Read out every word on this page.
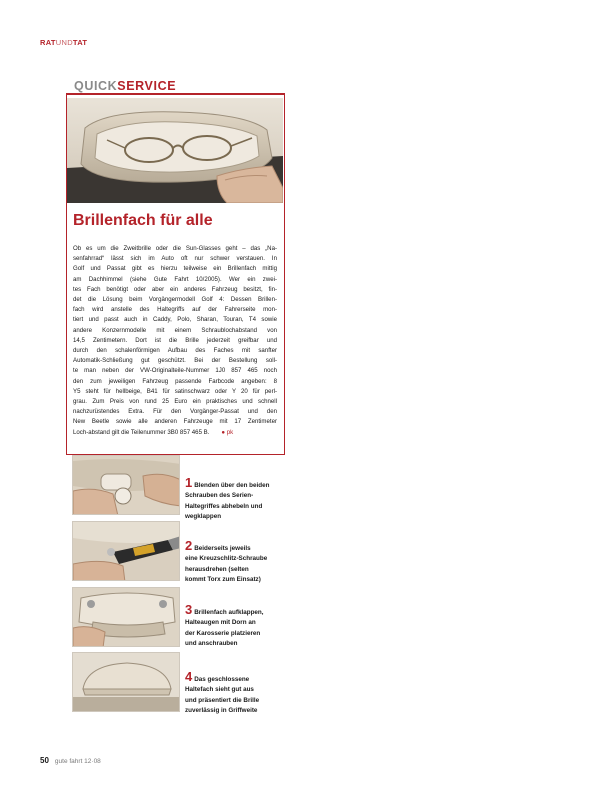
RATUNDTAT
QUICKSERVICE
Brillenfach für alle
Ob es um die Zweitbrille oder die Sun-Glasses geht – das „Na-
senfahrrad“ lässt sich im Auto oft nur schwer verstauen. In
Golf und Passat gibt es hierzu teilweise ein Brillenfach mittig
am Dachhimmel (siehe Gute Fahrt 10/2005). Wer ein zwei-
tes Fach benötigt oder aber ein anderes Fahrzeug besitzt, fin-
det die Lösung beim Vorgängermodell Golf 4: Dessen Brillen-
fach wird anstelle des Haltegriffs auf der Fahrerseite mon-
tiert und passt auch in Caddy, Polo, Sharan, Touran, T4 sowie
andere Konzernmodelle mit einem Schraublochabstand von
14,5 Zentimetern. Dort ist die Brille jederzeit greifbar und
durch den schalenförmigen Aufbau des Faches mit sanfter
Automatik-Schließung gut geschützt. Bei der Bestellung soll-
te man neben der VW-Originalteile-Nummer 1J0 857 465 noch
den zum jeweiligen Fahrzeug passende Farbcode angeben: 8
Y5 steht für hellbeige, B41 für satinschwarz oder Y 20 für perl-
grau. Zum Preis von rund 25 Euro ein praktisches und schnell
nachzurüstendes Extra. Für den Vorgänger-Passat und den
New Beetle sowie alle anderen Fahrzeuge mit 17 Zentimeter
Loch-abstand gilt die Teilenummer 3B0 857 465 B. ● pk
1 Blenden über den beiden
Schrauben des Serien-
Haltegriffes abhebeln und
wegklappen
2 Beiderseits jeweils
eine Kreuzschlitz-Schraube
herausdrehen (selten
kommt Torx zum Einsatz)
3 Brillenfach aufklappen,
Halteaugen mit Dorn an
der Karosserie platzieren
und anschrauben
4 Das geschlossene
Haltefach sieht gut aus
und präsentiert die Brille
zuverlässig in Griffweite
50 gute fahrt 12·08
